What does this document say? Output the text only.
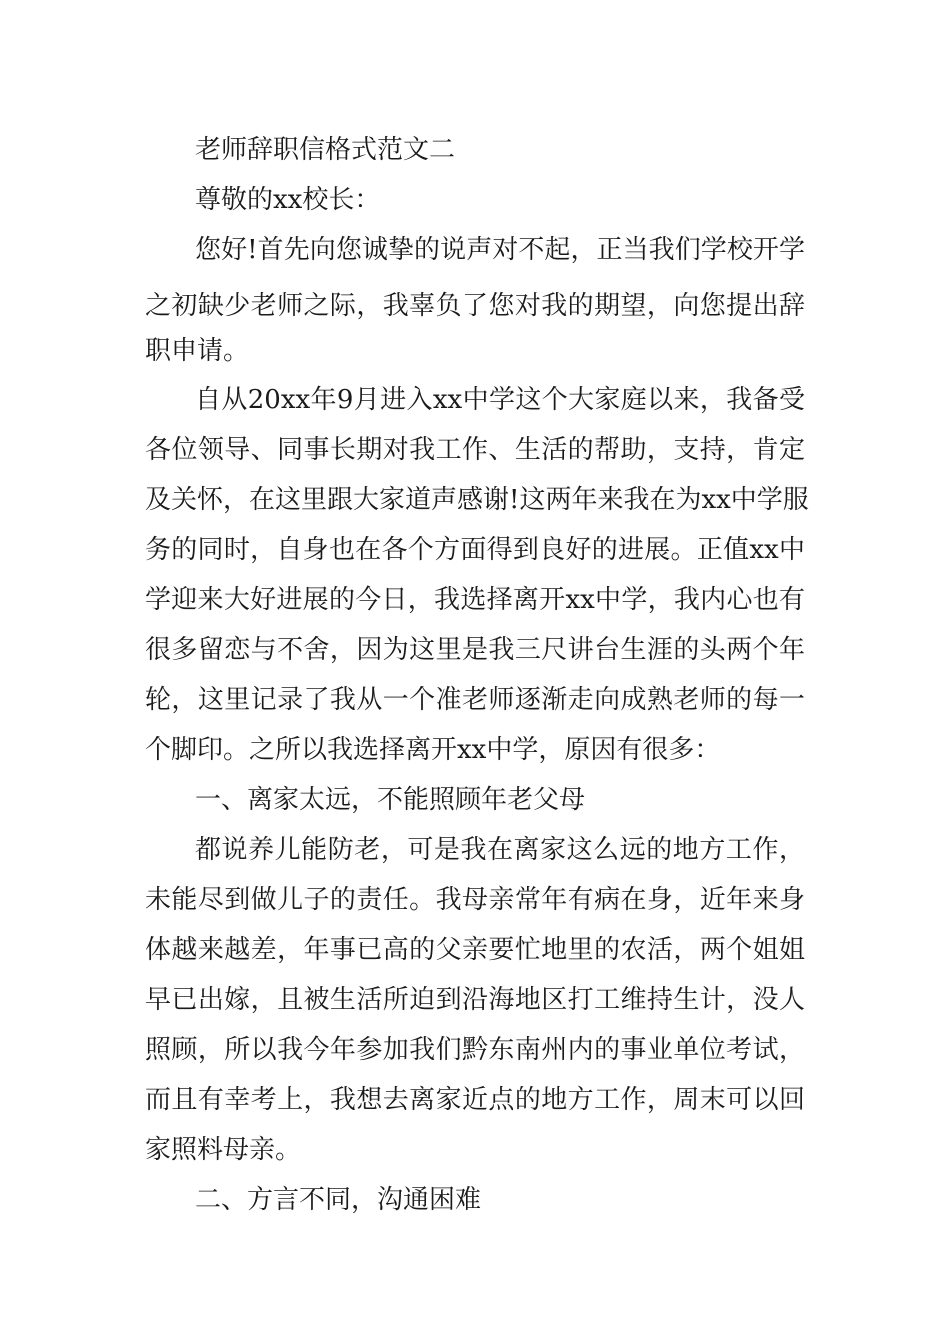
老师辞职信格式范文二
尊敬的xx校长：
您好!首先向您诚挚的说声对不起，正当我们学校开学
之初缺少老师之际，我辜负了您对我的期望，向您提出辞
职申请。
自从20xx年9月进入xx中学这个大家庭以来，我备受
各位领导、同事长期对我工作、生活的帮助，支持，肯定
及关怀，在这里跟大家道声感谢!这两年来我在为xx中学服
务的同时，自身也在各个方面得到良好的进展。正值xx中
学迎来大好进展的今日，我选择离开xx中学，我内心也有
很多留恋与不舍，因为这里是我三尺讲台生涯的头两个年
轮，这里记录了我从一个准老师逐渐走向成熟老师的每一
个脚印。之所以我选择离开xx中学，原因有很多：
一、离家太远，不能照顾年老父母
都说养儿能防老，可是我在离家这么远的地方工作，
未能尽到做儿子的责任。我母亲常年有病在身，近年来身
体越来越差，年事已高的父亲要忙地里的农活，两个姐姐
早已出嫁，且被生活所迫到沿海地区打工维持生计，没人
照顾，所以我今年参加我们黔东南州内的事业单位考试，
而且有幸考上，我想去离家近点的地方工作，周末可以回
家照料母亲。
二、方言不同，沟通困难
